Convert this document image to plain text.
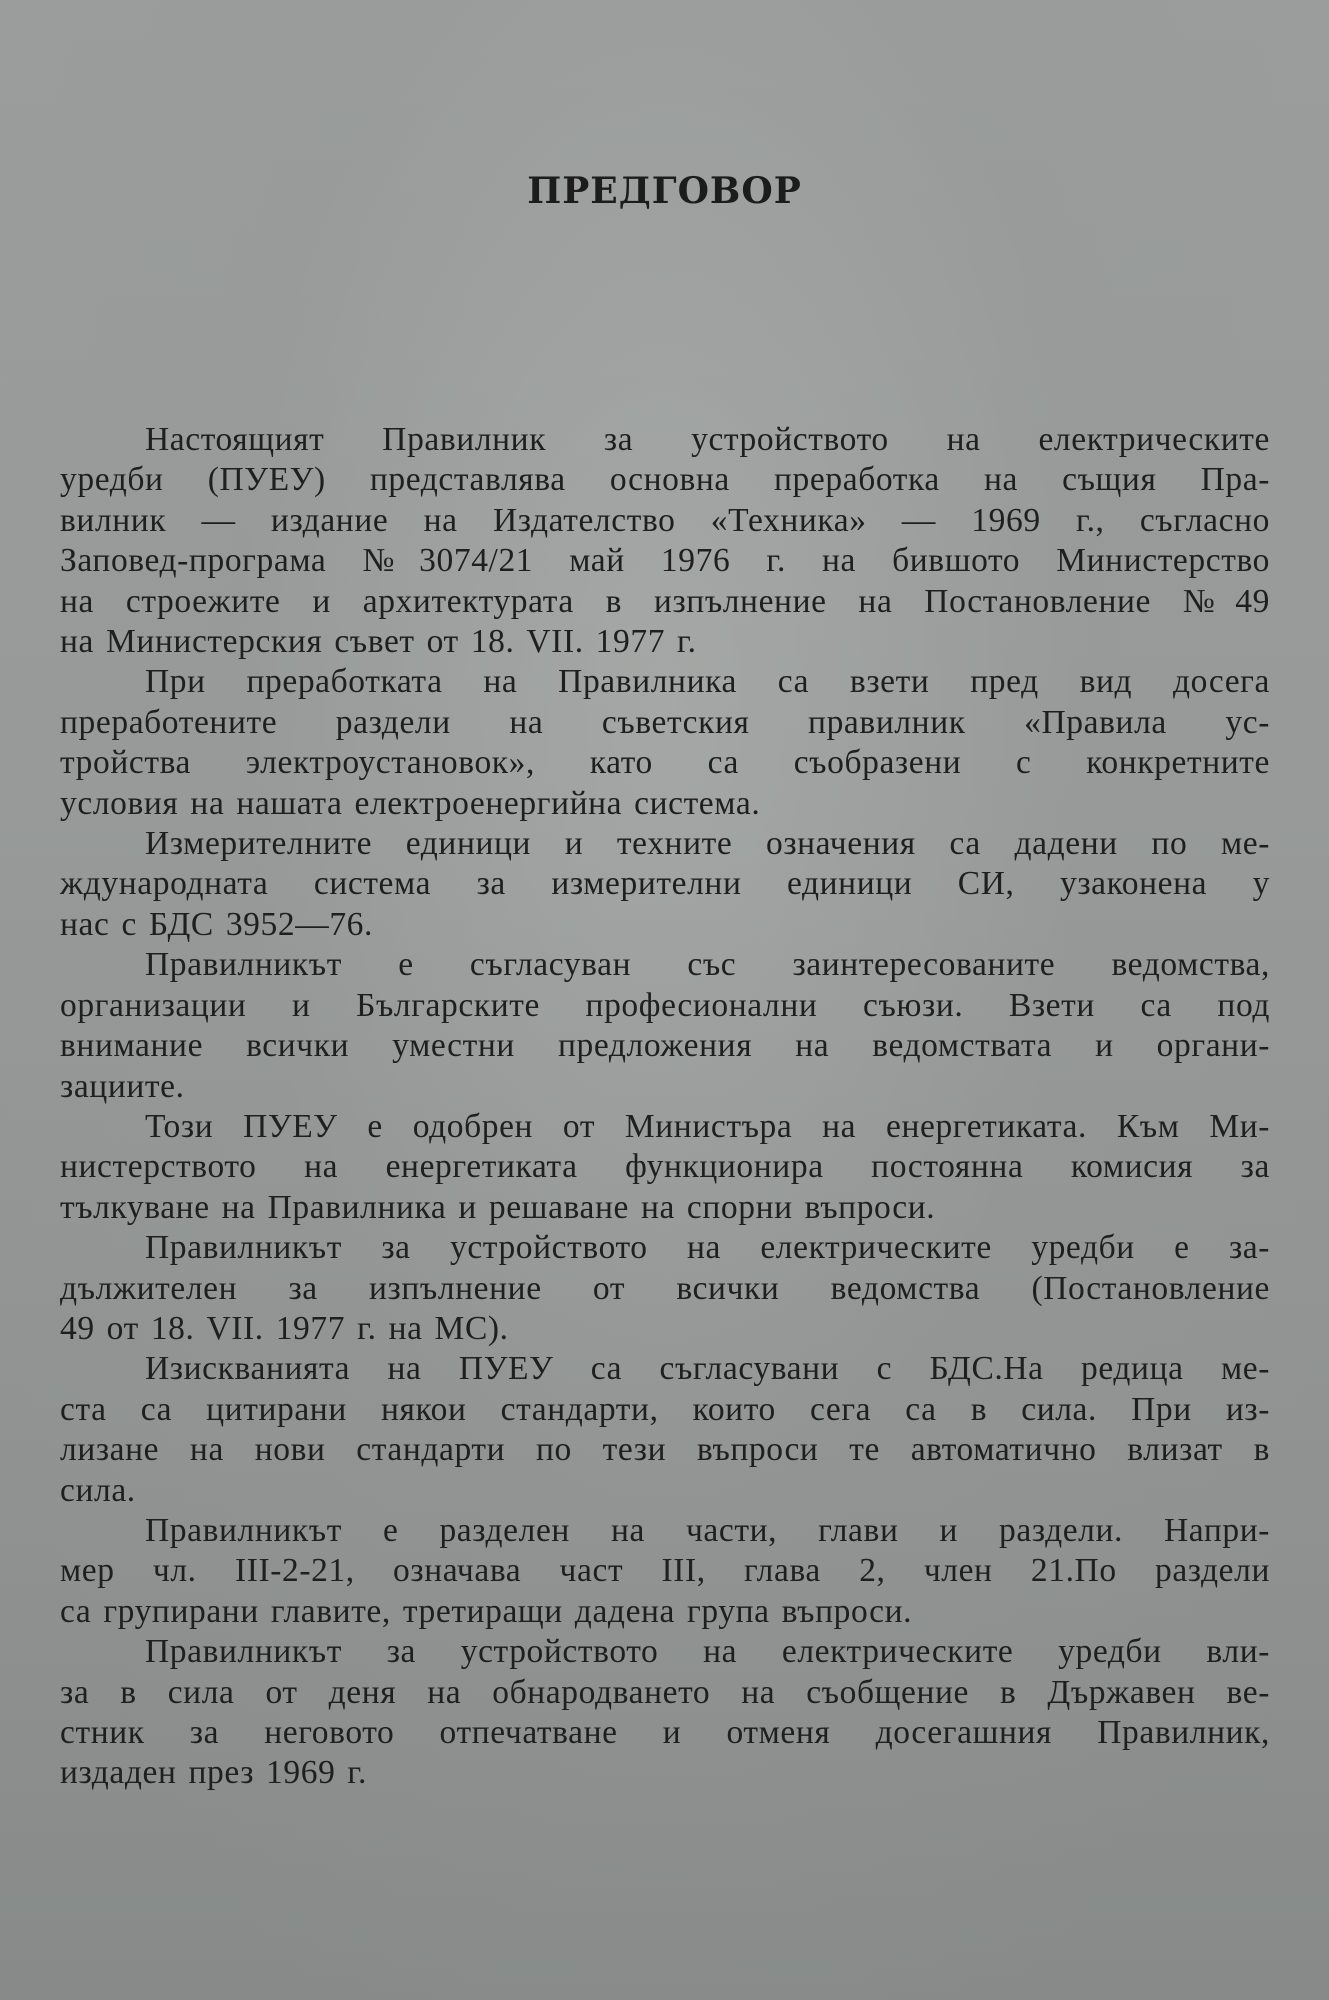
ПРЕДГОВОР
Настоящият Правилник за устройството на електрическите
уредби (ПУЕУ) представлява основна преработка на същия Пра-
вилник — издание на Издателство «Техника» — 1969 г., съгласно
Заповед-програма №3074/21 май 1976 г. на бившото Министерство
на строежите и архитектурата в изпълнение на Постановление №49
на Министерския съвет от 18. VII. 1977 г.
При преработката на Правилника са взети пред вид досега
преработените раздели на съветския правилник «Правила ус-
тройства электроустановок», като са съобразени с конкретните
условия на нашата електроенергийна система.
Измерителните единици и техните означения са дадени по ме-
ждународната система за измерителни единици СИ, узаконена у
нас с БДС 3952—76.
Правилникът е съгласуван със заинтересованите ведомства,
организации и Българските професионални съюзи. Взети са под
внимание всички уместни предложения на ведомствата и органи-
зациите.
Този ПУЕУ е одобрен от Министъра на енергетиката. Към Ми-
нистерството на енергетиката функционира постоянна комисия за
тълкуване на Правилника и решаване на спорни въпроси.
Правилникът за устройството на електрическите уредби е за-
дължителен за изпълнение от всички ведомства (Постановление
49 от 18. VII. 1977 г. на МС).
Изискванията на ПУЕУ са съгласувани с БДС.На редица ме-
ста са цитирани някои стандарти, които сега са в сила. При из-
лизане на нови стандарти по тези въпроси те автоматично влизат в
сила.
Правилникът е разделен на части, глави и раздели. Напри-
мер чл. III-2-21, означава част III, глава 2, член 21.По раздели
са групирани главите, третиращи дадена група въпроси.
Правилникът за устройството на електрическите уредби вли-
за в сила от деня на обнародването на съобщение в Държавен ве-
стник за неговото отпечатване и отменя досегашния Правилник,
издаден през 1969 г.
